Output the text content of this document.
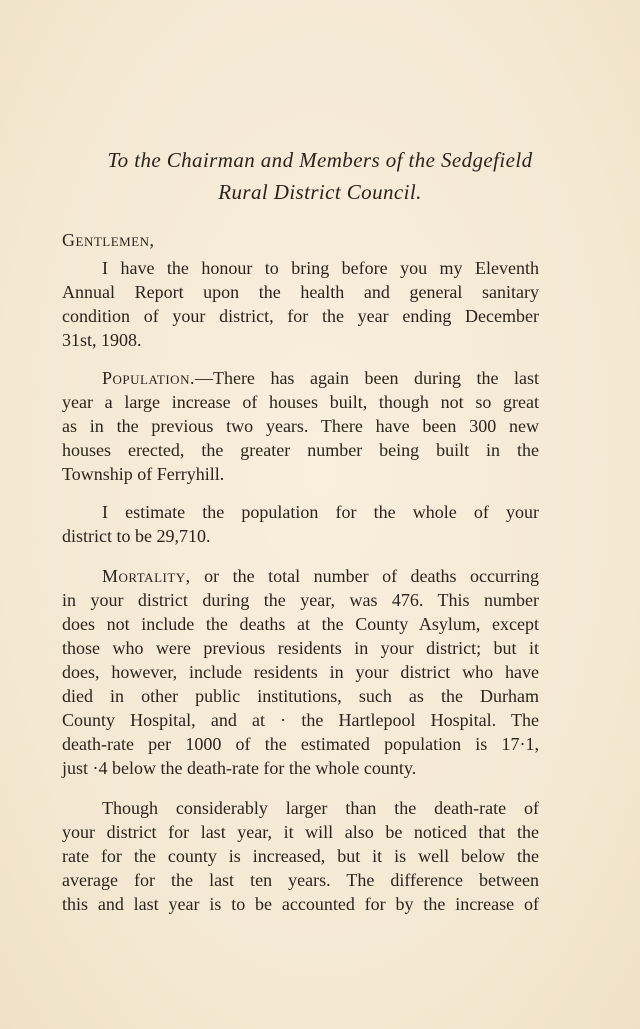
To the Chairman and Members of the Sedgefield
Rural District Council.
Gentlemen,
I have the honour to bring before you my Eleventh
Annual Report upon the health and general sanitary
condition of your district, for the year ending December
31st, 1908.
Population.—There has again been during the last
year a large increase of houses built, though not so great
as in the previous two years. There have been 300 new
houses erected, the greater number being built in the
Township of Ferryhill.
I estimate the population for the whole of your
district to be 29,710.
Mortality, or the total number of deaths occurring
in your district during the year, was 476. This number
does not include the deaths at the County Asylum, except
those who were previous residents in your district; but it
does, however, include residents in your district who have
died in other public institutions, such as the Durham
County Hospital, and at · the Hartlepool Hospital. The
death-rate per 1000 of the estimated population is 17·1,
just ·4 below the death-rate for the whole county.
Though considerably larger than the death-rate of
your district for last year, it will also be noticed that the
rate for the county is increased, but it is well below the
average for the last ten years. The difference between
this and last year is to be accounted for by the increase of
